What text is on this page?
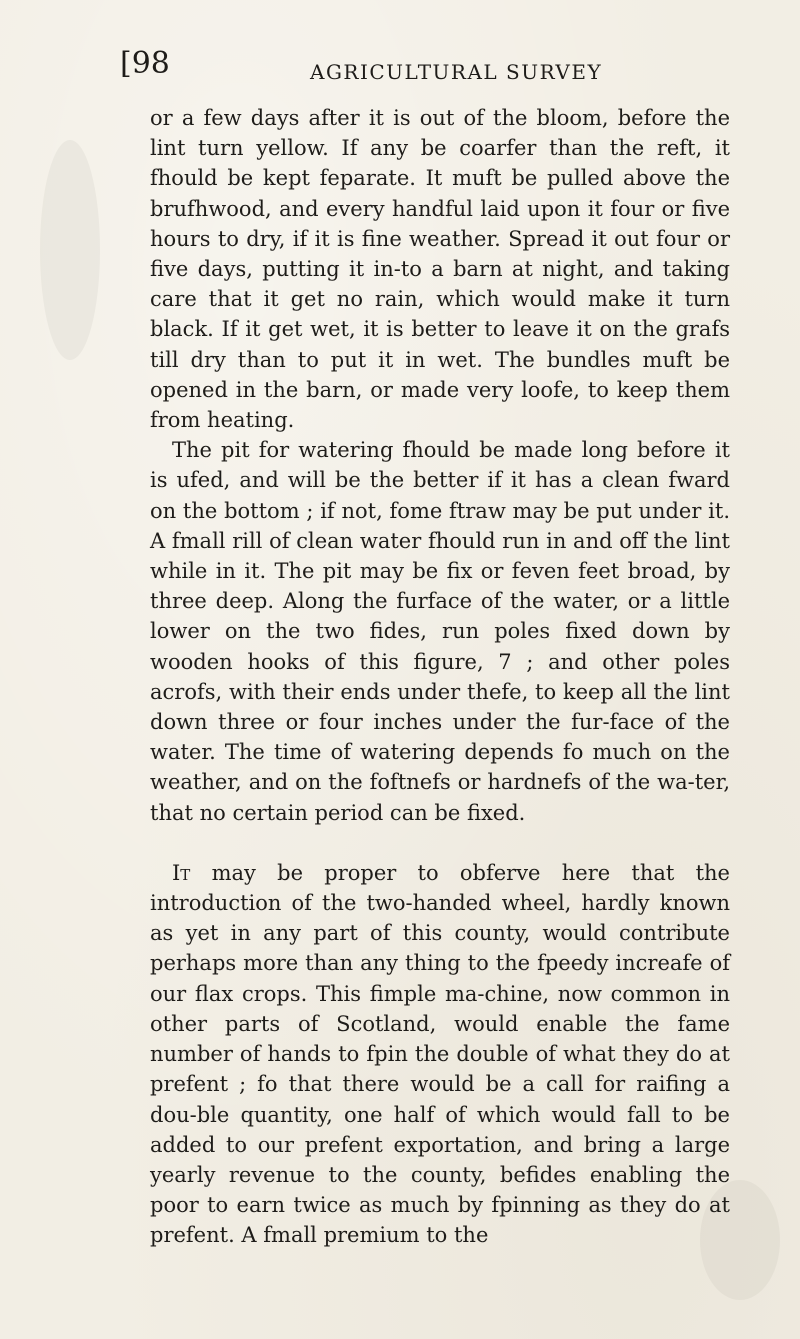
[98	AGRICULTURAL SURVEY

or a few days after it is out of the bloom, before the lint turn yellow. If any be coarfer than the reft, it fhould be kept feparate. It muft be pulled above the brufhwood, and every handful laid upon it four or five hours to dry, if it is fine weather. Spread it out four or five days, putting it in-to a barn at night, and taking care that it get no rain, which would make it turn black. If it get wet, it is better to leave it on the grafs till dry than to put it in wet. The bundles muft be opened in the barn, or made very loofe, to keep them from heating.

The pit for watering fhould be made long before it is ufed, and will be the better if it has a clean fward on the bottom ; if not, fome ftraw may be put under it. A fmall rill of clean water fhould run in and off the lint while in it. The pit may be fix or feven feet broad, by three deep. Along the furface of the water, or a little lower on the two fides, run poles fixed down by wooden hooks of this figure, 7 ; and other poles acrofs, with their ends under thefe, to keep all the lint down three or four inches under the fur-face of the water. The time of watering depends fo much on the weather, and on the foftnefs or hardnefs of the wa-ter, that no certain period can be fixed.

It may be proper to obferve here that the introduction of the two-handed wheel, hardly known as yet in any part of this county, would contribute perhaps more than any thing to the fpeedy increafe of our flax crops. This fimple ma-chine, now common in other parts of Scotland, would enable the fame number of hands to fpin the double of what they do at prefent ; fo that there would be a call for raifing a dou-ble quantity, one half of which would fall to be added to our prefent exportation, and bring a large yearly revenue to the county, befides enabling the poor to earn twice as much by fpinning as they do at prefent. A fmall premium to the
